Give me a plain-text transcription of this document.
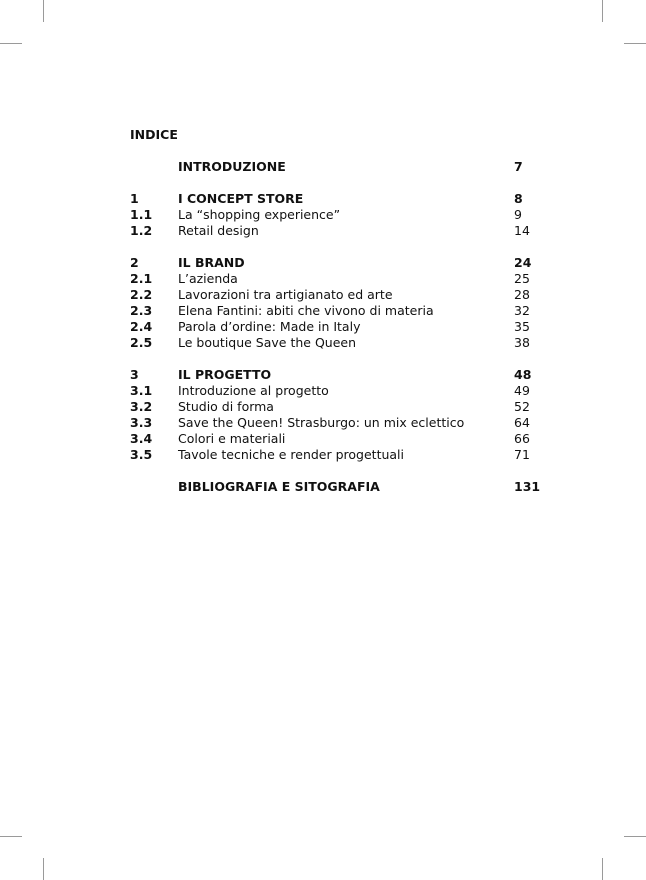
INDICE
INTRODUZIONE	7
1	I CONCEPT STORE	8
1.1	La “shopping experience”	9
1.2	Retail design	14
2	IL BRAND	24
2.1	L’azienda	25
2.2	Lavorazioni tra artigianato ed arte	28
2.3	Elena Fantini: abiti che vivono di materia	32
2.4	Parola d’ordine: Made in Italy	35
2.5	Le boutique Save the Queen	38
3	IL PROGETTO	48
3.1	Introduzione al progetto	49
3.2	Studio di forma	52
3.3	Save the Queen! Strasburgo: un mix eclettico	64
3.4	Colori e materiali	66
3.5	Tavole tecniche e render progettuali	71
BIBLIOGRAFIA E SITOGRAFIA	131
